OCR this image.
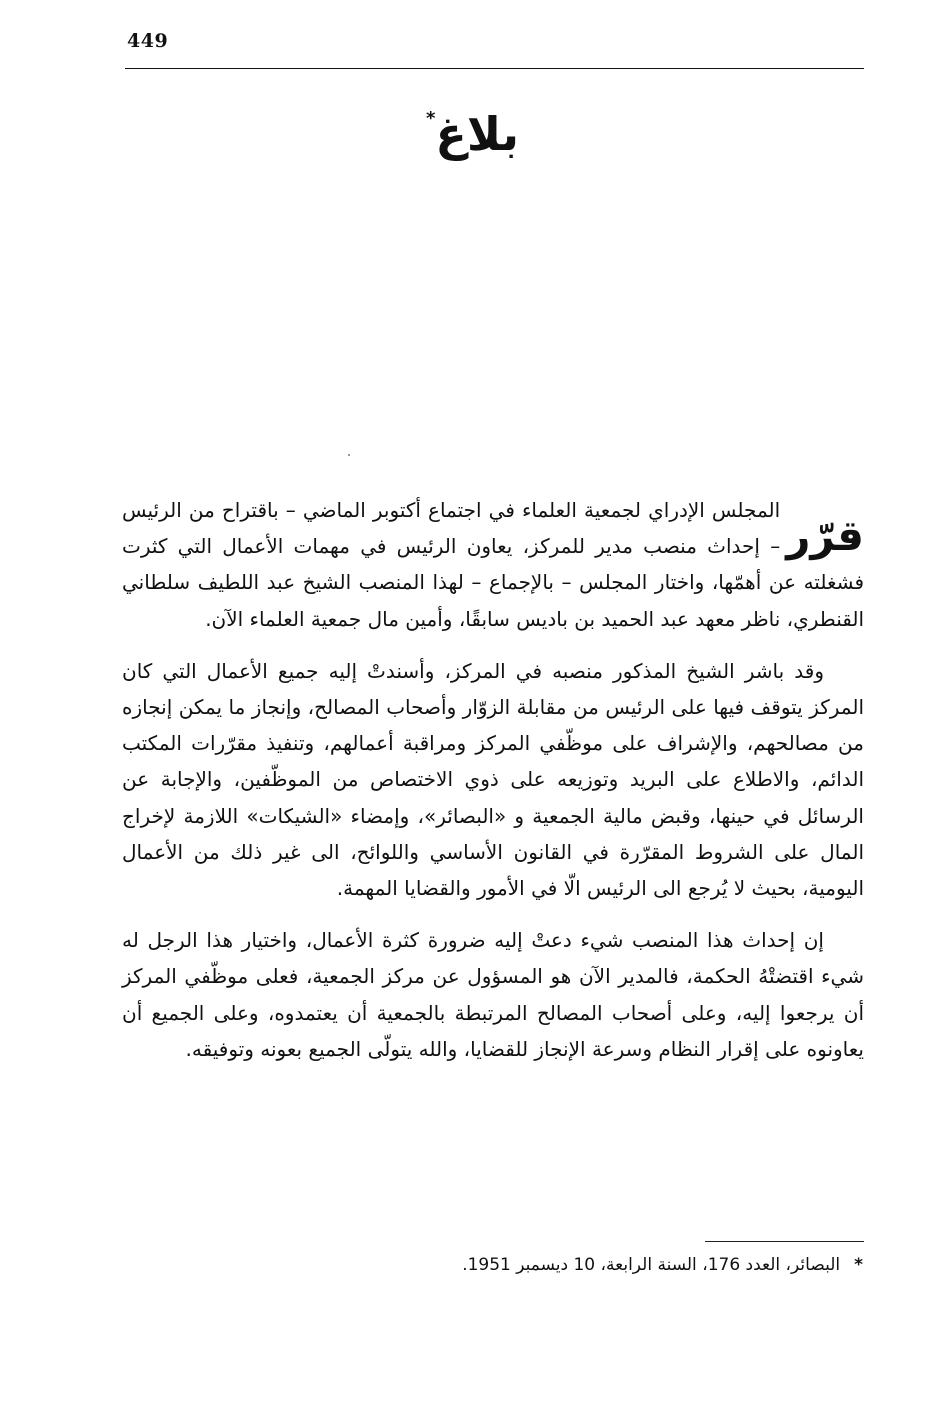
449
بلاغ*

قرّر
المجلس الإدراي لجمعية العلماء في اجتماع أكتوبر الماضي – باقتراح من الرئيس – إحداث منصب مدير للمركز، يعاون الرئيس في مهمات الأعمال التي كثرت فشغلته عن أهمّها، واختار المجلس – بالإجماع – لهذا المنصب الشيخ عبد اللطيف سلطاني القنطري، ناظر معهد عبد الحميد بن باديس سابقًا، وأمين مال جمعية العلماء الآن.

وقد باشر الشيخ المذكور منصبه في المركز، وأسندتْ إليه جميع الأعمال التي كان المركز يتوقف فيها على الرئيس من مقابلة الزوّار وأصحاب المصالح، وإنجاز ما يمكن إنجازه من مصالحهم، والإشراف على موظّفي المركز ومراقبة أعمالهم، وتنفيذ مقرّرات المكتب الدائم، والاطلاع على البريد وتوزيعه على ذوي الاختصاص من الموظّفين، والإجابة عن الرسائل في حينها، وقبض مالية الجمعية و «البصائر»، وإمضاء «الشيكات» اللازمة لإخراج المال على الشروط المقرّرة في القانون الأساسي واللوائح، الى غير ذلك من الأعمال اليومية، بحيث لا يُرجع الى الرئيس الّا في الأمور والقضايا المهمة.

إن إحداث هذا المنصب شيء دعتْ إليه ضرورة كثرة الأعمال، واختيار هذا الرجل له شيء اقتضتْهُ الحكمة، فالمدير الآن هو المسؤول عن مركز الجمعية، فعلى موظّفي المركز أن يرجعوا إليه، وعلى أصحاب المصالح المرتبطة بالجمعية أن يعتمدوه، وعلى الجميع أن يعاونوه على إقرار النظام وسرعة الإنجاز للقضايا، والله يتولّى الجميع بعونه وتوفيقه.

*البصائر، العدد 176، السنة الرابعة، 10 ديسمبر 1951.
